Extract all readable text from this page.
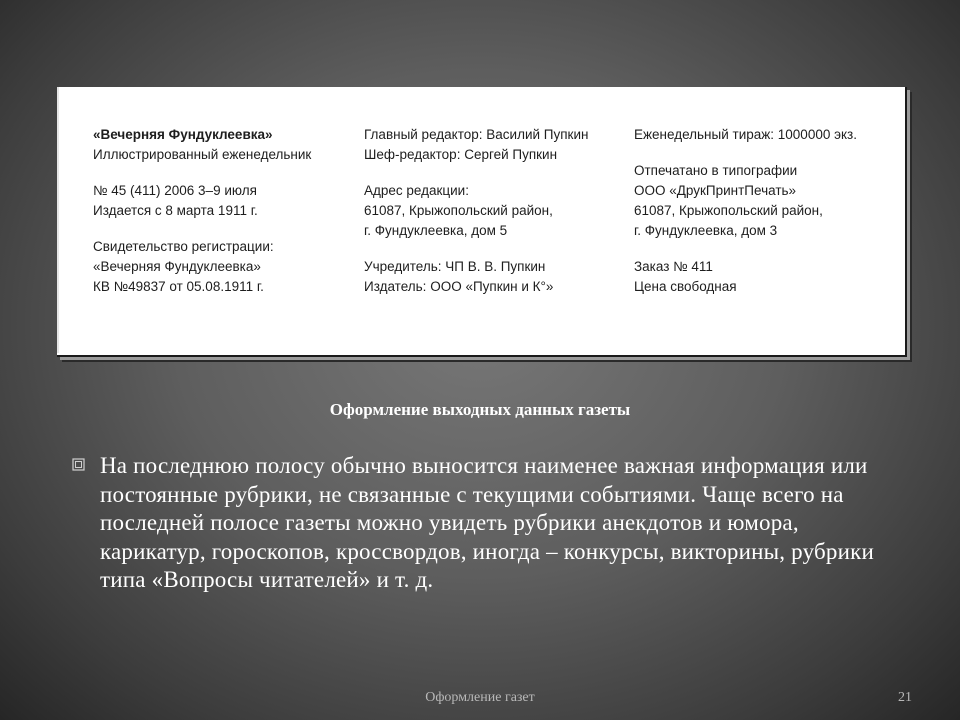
«Вечерняя Фундуклеевка»
Иллюстрированный еженедельник
№ 45 (411) 2006 3–9 июля
Издается с 8 марта 1911 г.
Свидетельство регистрации:
«Вечерняя Фундуклеевка»
КВ №49837 от 05.08.1911 г.
Главный редактор: Василий Пупкин
Шеф-редактор: Сергей Пупкин
Адрес редакции:
61087, Крыжопольский район,
г. Фундуклеевка, дом 5
Учредитель: ЧП В. В. Пупкин
Издатель: ООО «Пупкин и К°»
Еженедельный тираж: 1000000 экз.
Отпечатано в типографии
ООО «ДрукПринтПечать»
61087, Крыжопольский район,
г. Фундуклеевка, дом 3
Заказ № 411
Цена свободная
Оформление выходных данных газеты
На последнюю полосу обычно выносится наименее важная информация или постоянные рубрики, не связанные с текущими событиями. Чаще всего на последней полосе газеты можно увидеть рубрики анекдотов и юмора, карикатур, гороскопов, кроссвордов, иногда – конкурсы, викторины, рубрики типа «Вопросы читателей» и т. д.
Оформление газет	21
